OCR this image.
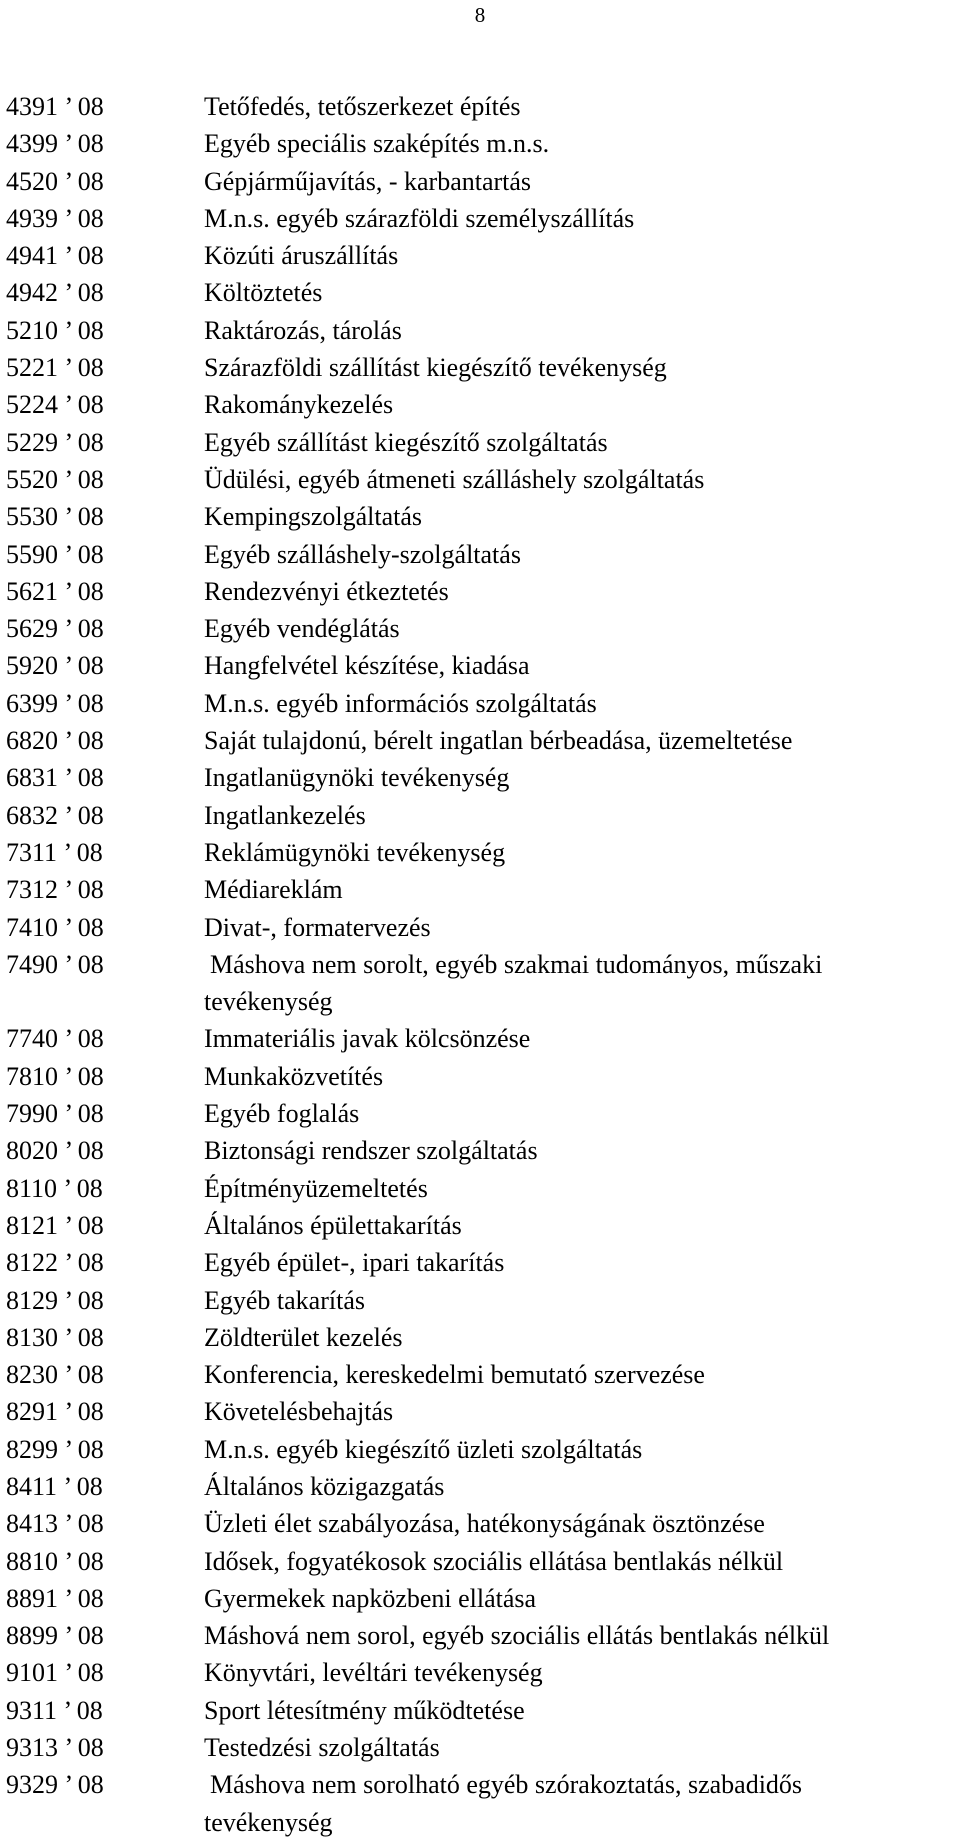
8
4391 ’ 08	Tetőfedés, tetőszerkezet építés
4399 ’ 08	Egyéb speciális szaképítés m.n.s.
4520 ’ 08	Gépjárműjavítás, - karbantartás
4939 ’ 08	M.n.s. egyéb szárazföldi személyszállítás
4941 ’ 08	Közúti áruszállítás
4942 ’ 08	Költöztetés
5210 ’ 08	Raktározás, tárolás
5221 ’ 08	Szárazföldi szállítást kiegészítő tevékenység
5224 ’ 08	Rakománykezelés
5229 ’ 08	Egyéb szállítást kiegészítő szolgáltatás
5520 ’ 08	Üdülési, egyéb átmeneti szálláshely szolgáltatás
5530 ’ 08	Kempingszolgáltatás
5590 ’ 08	Egyéb szálláshely-szolgáltatás
5621 ’ 08	Rendezvényi étkeztetés
5629 ’ 08	Egyéb vendéglátás
5920 ’ 08	Hangfelvétel készítése, kiadása
6399 ’ 08	M.n.s. egyéb információs szolgáltatás
6820 ’ 08	Saját tulajdonú, bérelt ingatlan bérbeadása, üzemeltetése
6831 ’ 08	Ingatlanügynöki tevékenység
6832 ’ 08	Ingatlankezelés
7311 ’ 08	Reklámügynöki tevékenység
7312 ’ 08	Médiareklám
7410 ’ 08	Divat-, formatervezés
7490 ’ 08	Máshova nem sorolt, egyéb szakmai tudományos, műszaki
tevékenység
7740 ’ 08	Immateriális javak kölcsönzése
7810 ’ 08	Munkaközvetítés
7990 ’ 08	Egyéb foglalás
8020 ’ 08	Biztonsági rendszer szolgáltatás
8110 ’ 08	Építményüzemeltetés
8121 ’ 08	Általános épülettakarítás
8122 ’ 08	Egyéb épület-, ipari takarítás
8129 ’ 08	Egyéb takarítás
8130 ’ 08	Zöldterület kezelés
8230 ’ 08	Konferencia, kereskedelmi bemutató szervezése
8291 ’ 08	Követelésbehajtás
8299 ’ 08	M.n.s. egyéb kiegészítő üzleti szolgáltatás
8411 ’ 08	Általános közigazgatás
8413 ’ 08	Üzleti élet szabályozása, hatékonyságának ösztönzése
8810 ’ 08	Idősek, fogyatékosok szociális ellátása bentlakás nélkül
8891 ’ 08	Gyermekek napközbeni ellátása
8899 ’ 08	Máshová nem sorol, egyéb szociális ellátás bentlakás nélkül
9101 ’ 08	Könyvtári, levéltári tevékenység
9311 ’ 08	Sport létesítmény működtetése
9313 ’ 08	Testedzési szolgáltatás
9329 ’ 08	Máshova nem sorolható egyéb szórakoztatás, szabadidős
tevékenység
